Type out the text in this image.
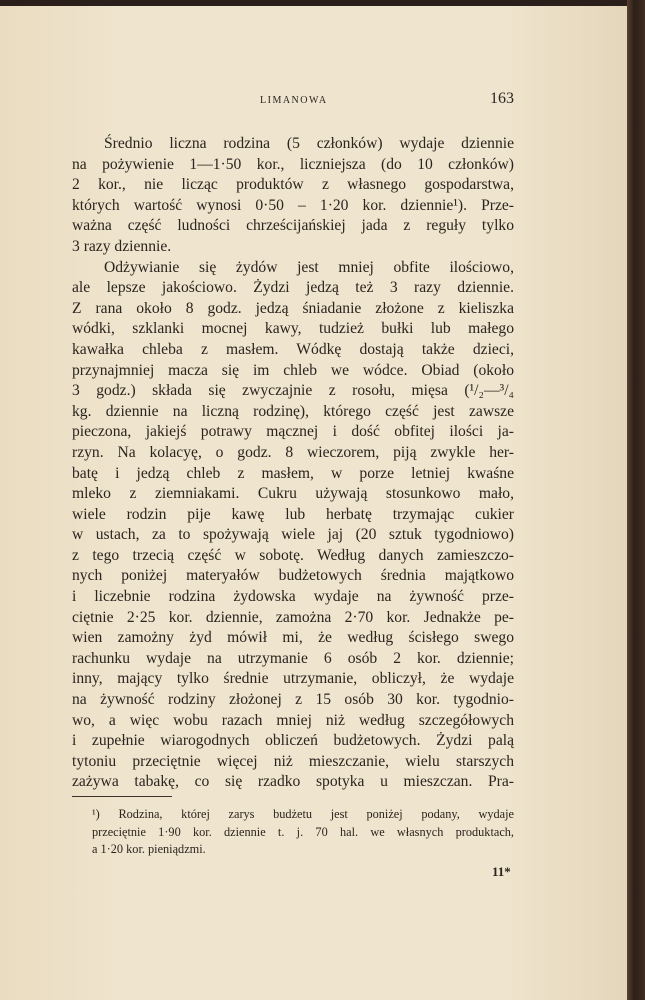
LIMANOWA	163
Średnio liczna rodzina (5 członków) wydaje dziennie
na pożywienie 1—1·50 kor., liczniejsza (do 10 członków)
2 kor., nie licząc produktów z własnego gospodarstwa,
których wartość wynosi 0·50 – 1·20 kor. dziennie¹). Prze-
ważna część ludności chrześcijańskiej jada z reguły tylko
3 razy dziennie.
Odżywianie się żydów jest mniej obfite ilościowo,
ale lepsze jakościowo. Żydzi jedzą też 3 razy dziennie.
Z rana około 8 godz. jedzą śniadanie złożone z kieliszka
wódki, szklanki mocnej kawy, tudzież bułki lub małego
kawałka chleba z masłem. Wódkę dostają także dzieci,
przynajmniej macza się im chleb we wódce. Obiad (około
3 godz.) składa się zwyczajnie z rosołu, mięsa (¹/₂—³/₄
kg. dziennie na liczną rodzinę), którego część jest zawsze
pieczona, jakiejś potrawy mącznej i dość obfitej ilości ja-
rzyn. Na kolacyę, o godz. 8 wieczorem, piją zwykle her-
batę i jedzą chleb z masłem, w porze letniej kwaśne
mleko z ziemniakami. Cukru używają stosunkowo mało,
wiele rodzin pije kawę lub herbatę trzymając cukier
w ustach, za to spożywają wiele jaj (20 sztuk tygodniowo)
z tego trzecią część w sobotę. Według danych zamieszczo-
nych poniżej materyałów budżetowych średnia majątkowo
i liczebnie rodzina żydowska wydaje na żywność prze-
ciętnie 2·25 kor. dziennie, zamożna 2·70 kor. Jednakże pe-
wien zamożny żyd mówił mi, że według ścisłego swego
rachunku wydaje na utrzymanie 6 osób 2 kor. dziennie;
inny, mający tylko średnie utrzymanie, obliczył, że wydaje
na żywność rodziny złożonej z 15 osób 30 kor. tygodnio-
wo, a więc wobu razach mniej niż według szczegółowych
i zupełnie wiarogodnych obliczeń budżetowych. Żydzi palą
tytoniu przeciętnie więcej niż mieszczanie, wielu starszych
zażywa tabakę, co się rzadko spotyka u mieszczan. Pra-
¹) Rodzina, której zarys budżetu jest poniżej podany, wydaje
przeciętnie 1·90 kor. dziennie t. j. 70 hal. we własnych produktach,
a 1·20 kor. pieniądzmi.
11*
